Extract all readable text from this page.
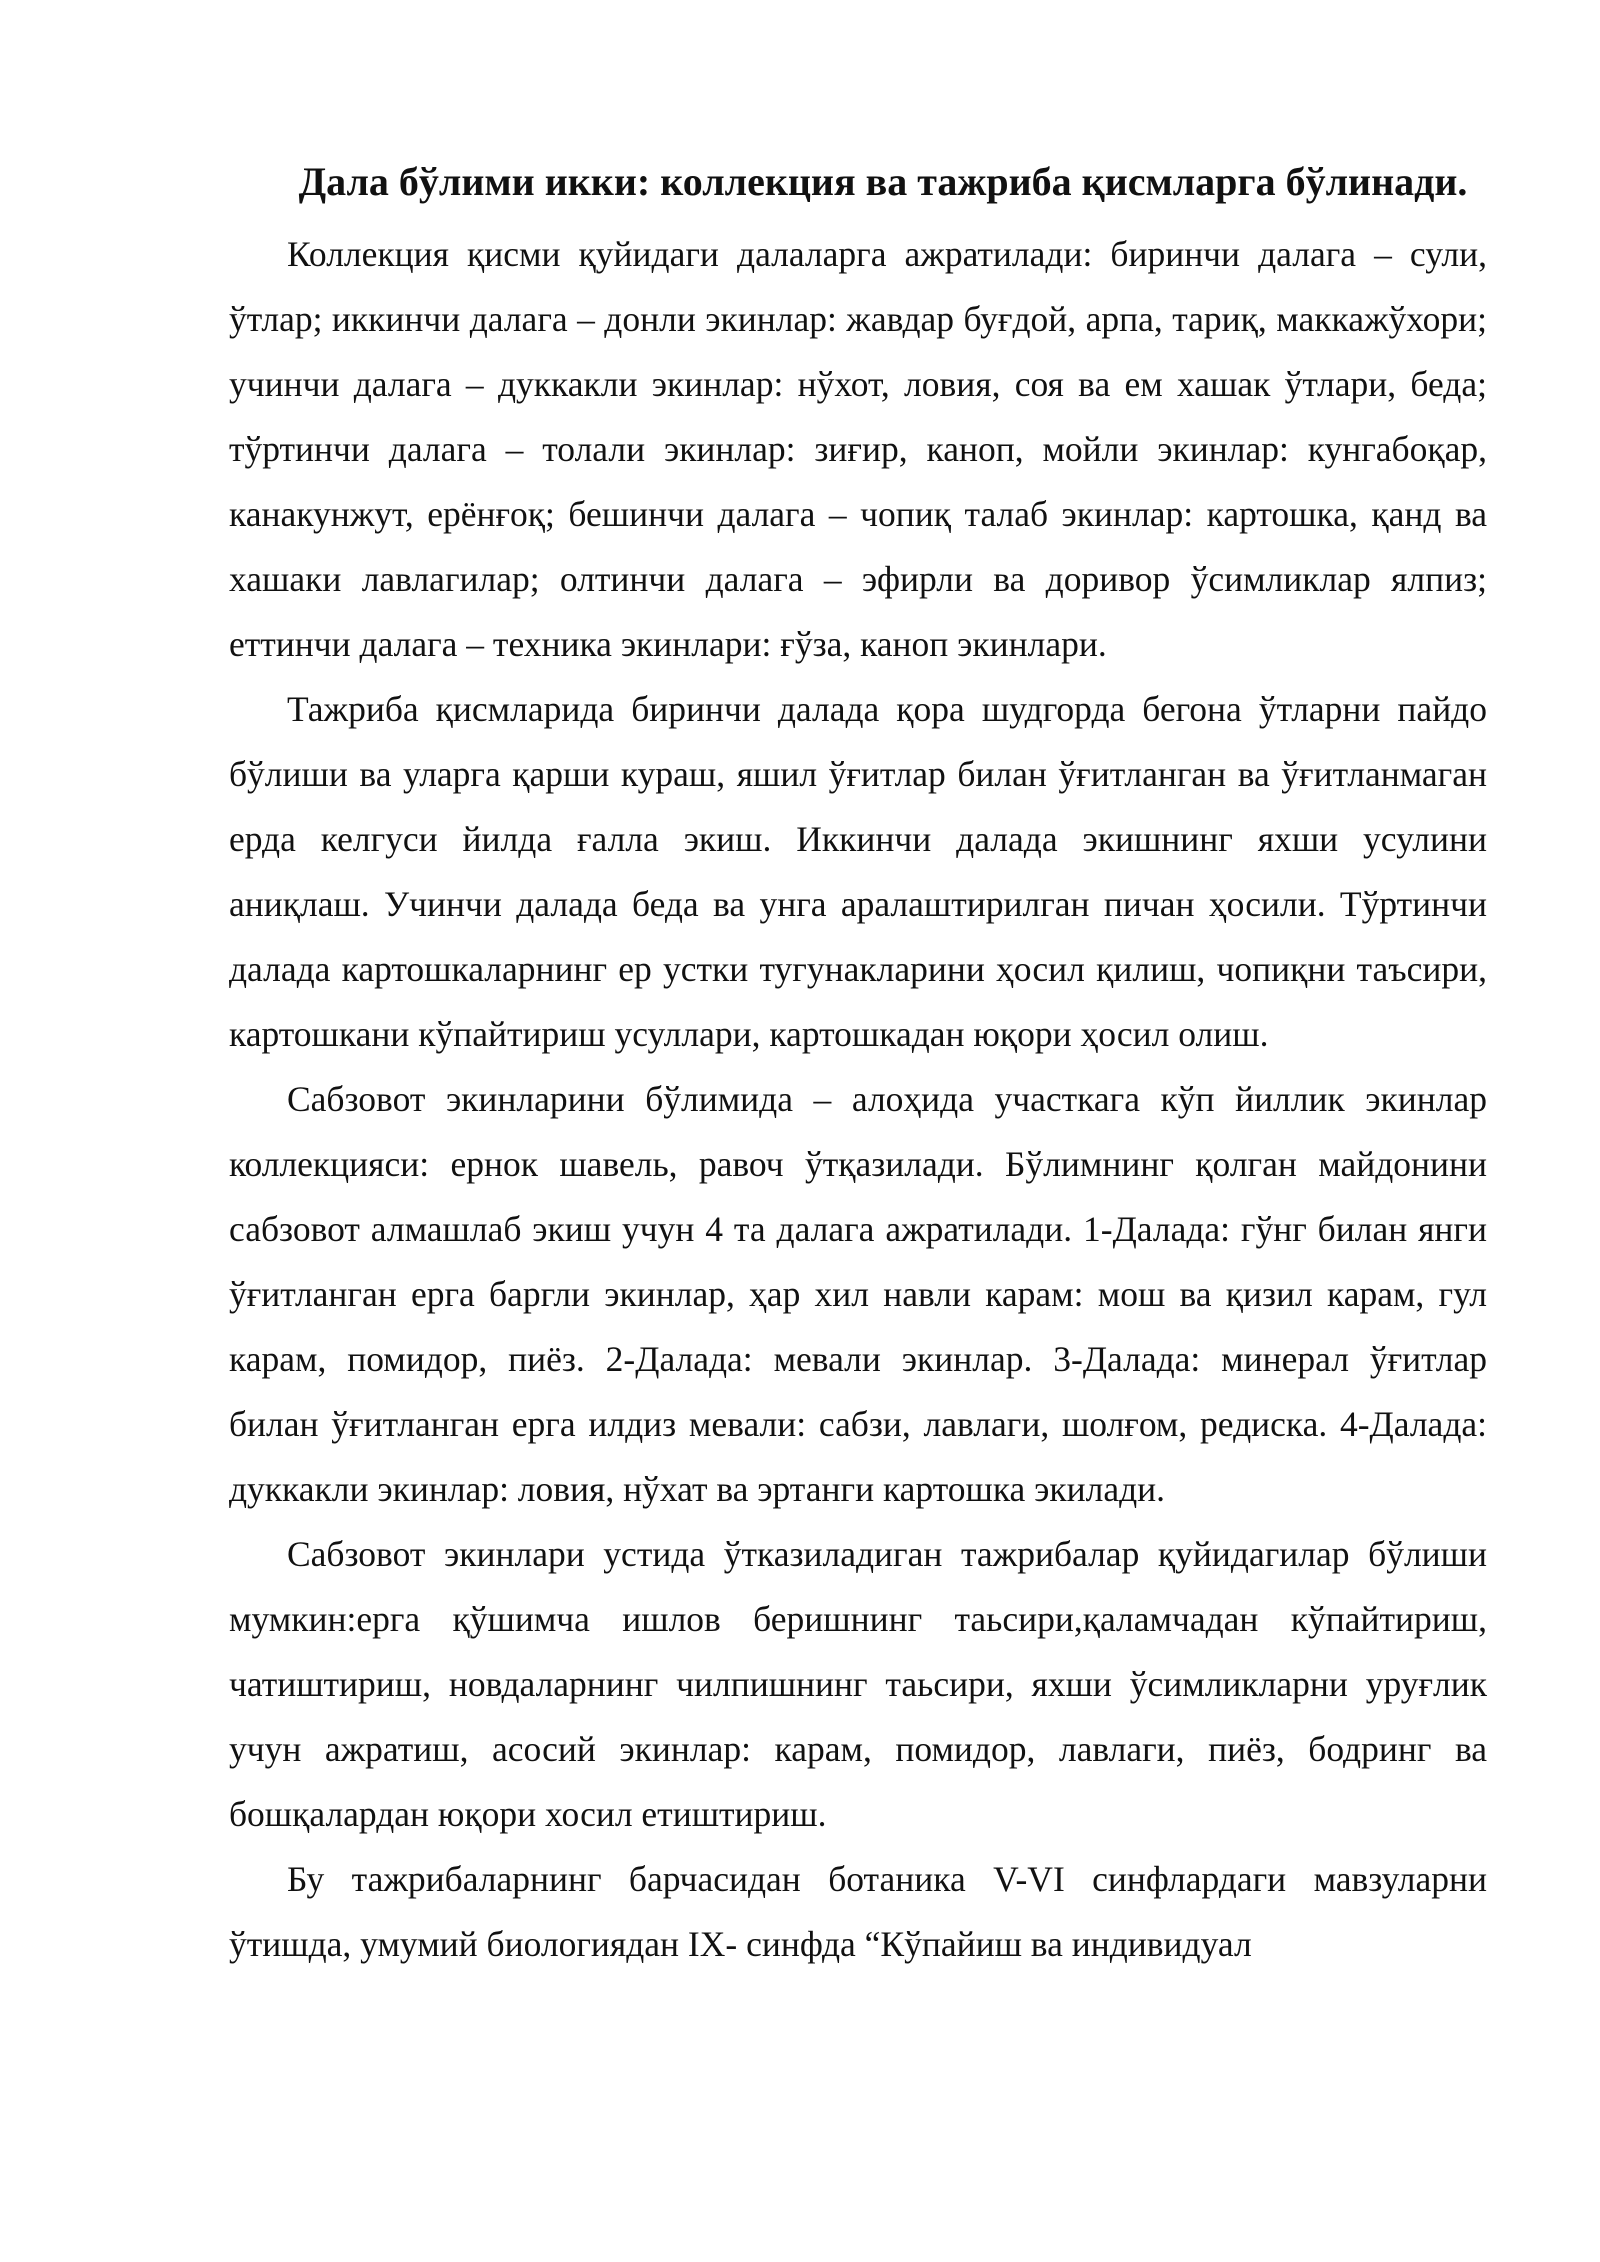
Дала бўлими икки: коллекция ва тажриба қисмларга бўлинади.

Коллекция қисми қуйидаги далаларга ажратилади: биринчи далага – сули, ўтлар; иккинчи далага – донли экинлар: жавдар буғдой, арпа, тариқ, маккажўхори; учинчи далага – дуккакли экинлар: нўхот, ловия, соя ва ем хашак ўтлари, беда; тўртинчи далага – толали экинлар: зиғир, каноп, мойли экинлар: кунгабоқар, канакунжут, ерёнғоқ; бешинчи далага – чопиқ талаб экинлар: картошка, қанд ва хашаки лавлагилар; олтинчи далага – эфирли ва доривор ўсимликлар ялпиз; еттинчи далага – техника экинлари: ғўза, каноп экинлари.

Тажриба қисмларида биринчи далада қора шудгорда бегона ўтларни пайдо бўлиши ва уларга қарши кураш, яшил ўғитлар билан ўғитланган ва ўғитланмаган ерда келгуси йилда ғалла экиш. Иккинчи далада экишнинг яхши усулини аниқлаш. Учинчи далада беда ва унга аралаштирилган пичан ҳосили. Тўртинчи далада картошкаларнинг ер устки тугунакларини ҳосил қилиш, чопиқни таъсири, картошкани кўпайтириш усуллари, картошкадан юқори ҳосил олиш.

Сабзовот экинларини бўлимида – алоҳида участкага кўп йиллик экинлар коллекцияси: ернок шавель, равоч ўтқазилади. Бўлимнинг қолган майдонини сабзовот алмашлаб экиш учун 4 та далага ажратилади. 1-Далада: гўнг билан янги ўғитланган ерга баргли экинлар, ҳар хил навли карам: мош ва қизил карам, гул карам, помидор, пиёз. 2-Далада: мевали экинлар. 3-Далада: минерал ўғитлар билан ўғитланган ерга илдиз мевали: сабзи, лавлаги, шолғом, редиска. 4-Далада: дуккакли экинлар: ловия, нўхат ва эртанги картошка экилади.

Сабзовот экинлари устида ўтказиладиган тажрибалар қуйидагилар бўлиши мумкин:ерга қўшимча ишлов беришнинг таьсири,қаламчадан кўпайтириш, чатиштириш, новдаларнинг чилпишнинг таьсири, яхши ўсимликларни уруғлик учун ажратиш, асосий экинлар: карам, помидор, лавлаги, пиёз, бодринг ва бошқалардан юқори хосил етиштириш.

Бу тажрибаларнинг барчасидан ботаника V-VI синфлардаги мавзуларни ўтишда, умумий биологиядан IX- синфда “Кўпайиш ва индивидуал
